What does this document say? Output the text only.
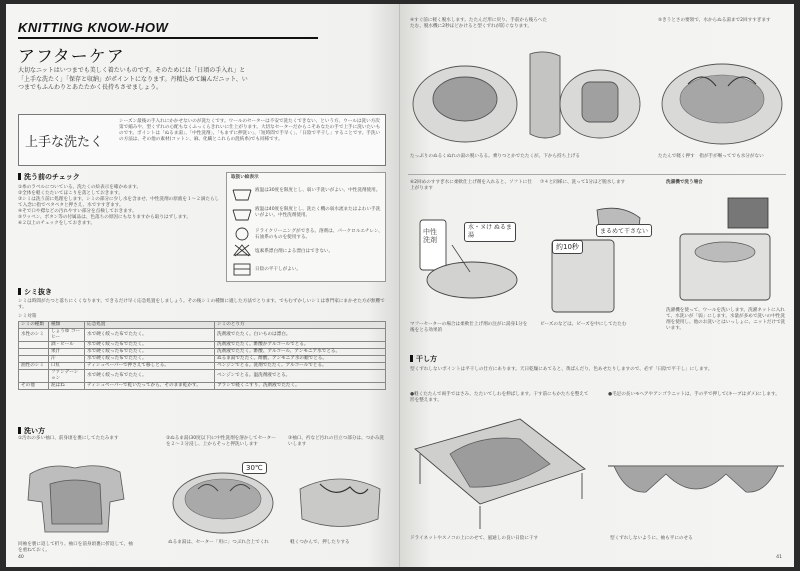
KNITTING KNOW-HOW
アフターケア
大切なニットはいつまでも美しく着たいものです。そのためには「日頃の手入れ」と「上手な洗たく」「保存と収納」がポイントになります。丹精込めて編んだニット、いつまでもふんわりとあたたかく長持ちさせましょう。
上手な洗たく
シーズン最後の手入れにかかせないのが洗たくです。ウールのセーターは不安で洗たくできない、という方、ウールは洗い方次第で縮みや、型くずれの心配もなくふっくらきれいに仕上がります。大切なセーターだからこそあなたの手で上手に洗いたいものです。ポイントは「ぬるま湯」、「中性洗剤」、「もまずに押洗い」、「短時間で手早く」、「日陰で平干し」することです。手洗いの方法は、その他の素材(コットン、麻、化繊とこれらの混紡糸)でも同様です。
洗う前のチェック
①糸のラベルについている、洗たくの絵表示を確かめます。
②全体を軽くたたいてほこりを落としておきます。
③シミは洗う前に処理をします。シミの部分に少し水を含ませ、中性洗剤の原液を１～２滴たらして入念に指でペタペタと押さえ、水ですすぎます。
④そで口や襟などの汚れやすい部分を点検しておきます。
⑤ワッペン、ボタン等の付属品は、色落ちの原因にもなりますから取りはずします。
⑥２以上のチェックをしておきます。
取扱い絵表示
液温は30度を限度とし、弱い手洗いがよい。中性洗剤使用。
液温は40度を限度とし、洗たく機の弱水流またはよわい手洗いがよい。中性洗剤使用。
ドライクリーニングができる。溶剤は、パークロルエチレン、石油系のものを使用する。
塩素系漂白剤による漂白はできない。
日陰の平干しがよい。
シミ抜き
シミは時間がたつと落ちにくくなります。できるだけ早く応急処置をしましょう。その後シミの種類に適した方法でとります。でもむずかしいシミは専門家にまかせた方が無難です。
シミ対策
シミの種類	種類	応急処置	シミのとり方
水性のシミ	しょうゆ コーヒー	水で硬く絞った布でたたく。	洗剤液でたたく。白いものは漂白。
	酒・ビール	水で硬く絞った布でたたく。	洗剤液でたたく。酢酸かアルコールでとる。
	果汁	水で硬く絞った布でたたく。	洗剤液でたたく。酢酸、アルコール、アンモニア水でとる。
	汗	水で硬く絞った布でたたく。	ぬるま湯でたたく。酢酸、アンモニア水の順でとる。
油性のシミ	口紅	ティシュペーパーで押さえて移しとる。	ベンジンでとる。洗剤でたたく。アルコールでとる。
	ファンデーション	水で硬く絞った布でたたく。	ベンジンでとる。温洗剤液でとる。
その他	泥はね	ティシュペーパーで乾いたってから、そのまま乾かす。	ブラシで軽くこすり、洗剤液でたたく。
洗い方
①汚れの多い袖口、前身頃を裏にしてたたみます
同袖を裏に返して折り、袖口を前身頃裏に折返して、袖を重ねておく。
②ぬるま湯(30度以下)に中性洗剤を溶かしてセーターを２～３分浸し、上からそっと押洗いします
30℃
ぬるま湯は、セーター「用に」つぶれ合上でくれ
③袖口、衿など汚れの目立つ部分は、つかみ洗いします
軽くつかんで、押したりする
40
④すぐ前に軽く脱水します。たたんだ形に戻り、手前から後ろへたたむ、脱水機に2秒ほどかけると型くずれが防ぐなります。
たっぷりのぬるくぬれの湯の脱いるる。乗りつとかでたたくが。下から持ち上げる
⑤きうとさの要領で、水からぬる湯まで2回すすぎます
たたんで軽く押す　指が手が喉ってでも水分がない
⑥2回めのすすぎ水に柔軟仕上げ剤を入れると、ソフトに仕上がります
中性洗剤
水・ヌけ ぬるま湯
マフーセーターの場合は柔軟仕上げ剤の注がに湯身1分を後をとる効果的
⑦４と同様に、洗って1分ほど脱水します
約10秒
まるめて干さない
ビーズのなどは、ビーズを中にしてたたむ
洗濯機で洗う場合
洗濯機を使って、ウールを洗いします。洗濯ネットに入れて、水洗いが「弱」にします。水量が多めで洗いの中性洗剤を使用し、他のお洗いとはいっしょに、ニットだけで洗います。
干し方
型くずれしないポイントは平干しの仕方にあります。天日乾燥にあてると、黄ばんだり、色あせたりしますので、必ず「日陰で平干し」にします。
●軽くたたんで両手ではさみ、たたいてしわを伸ばします。干す前にもかたちを整えて形を整えます。
ドライネットやスノコの上にのせて、風通しの良い日陰に干す
●毛足の長いモヘアやアンゴラニットは、手の平で押して(キーブはダメ)にします。
型くずれしないように、袖も平にのせる
41
